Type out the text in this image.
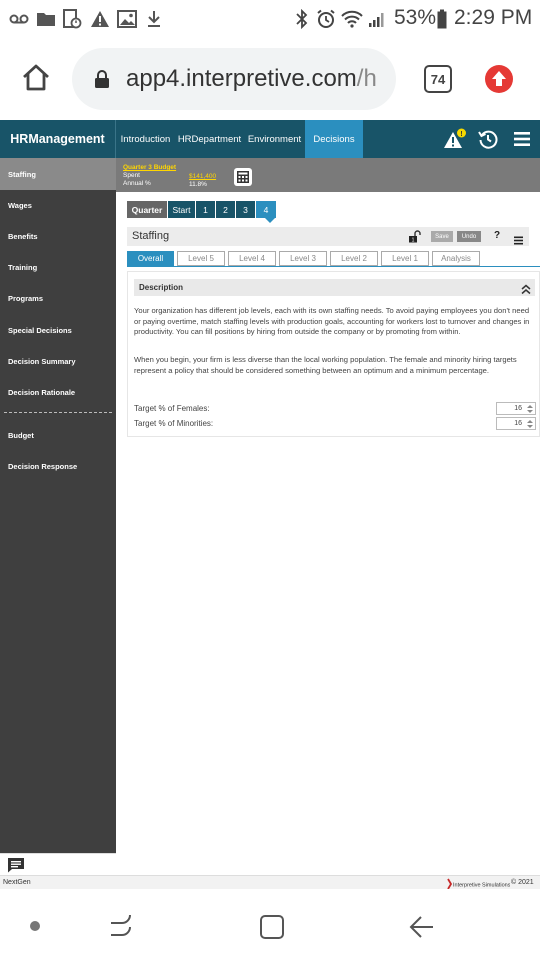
53% 2:29 PM
app4.interpretive.com/h	74
HRManagement	Introduction HRDepartment Environment	Decisions	!
Staffing
Wages
Benefits
Training
Programs
Special Decisions
Decision Summary
Decision Rationale
Budget
Decision Response
Quarter 3 Budget
Spent	$141,400
Annual %	11.8%
Quarter	Start	1	2	3	4
Staffing	1
Save	Undo	?
Overall	Level 5	Level 4	Level 3	Level 2	Level 1	Analysis
Description
Your organization has different job levels, each with its own staffing needs. To avoid paying employees you don't need or paying overtime, match staffing levels with production goals, accounting for workers lost to turnover and changes in productivity. You can fill positions by hiring from outside the company or by promoting from within.
When you begin, your firm is less diverse than the local working population. The female and minority hiring targets represent a policy that should be considered something between an optimum and a minimum percentage.
Target % of Females:	16
Target % of Minorities:	16
NextGen	Interpretive Simulations © 2021
